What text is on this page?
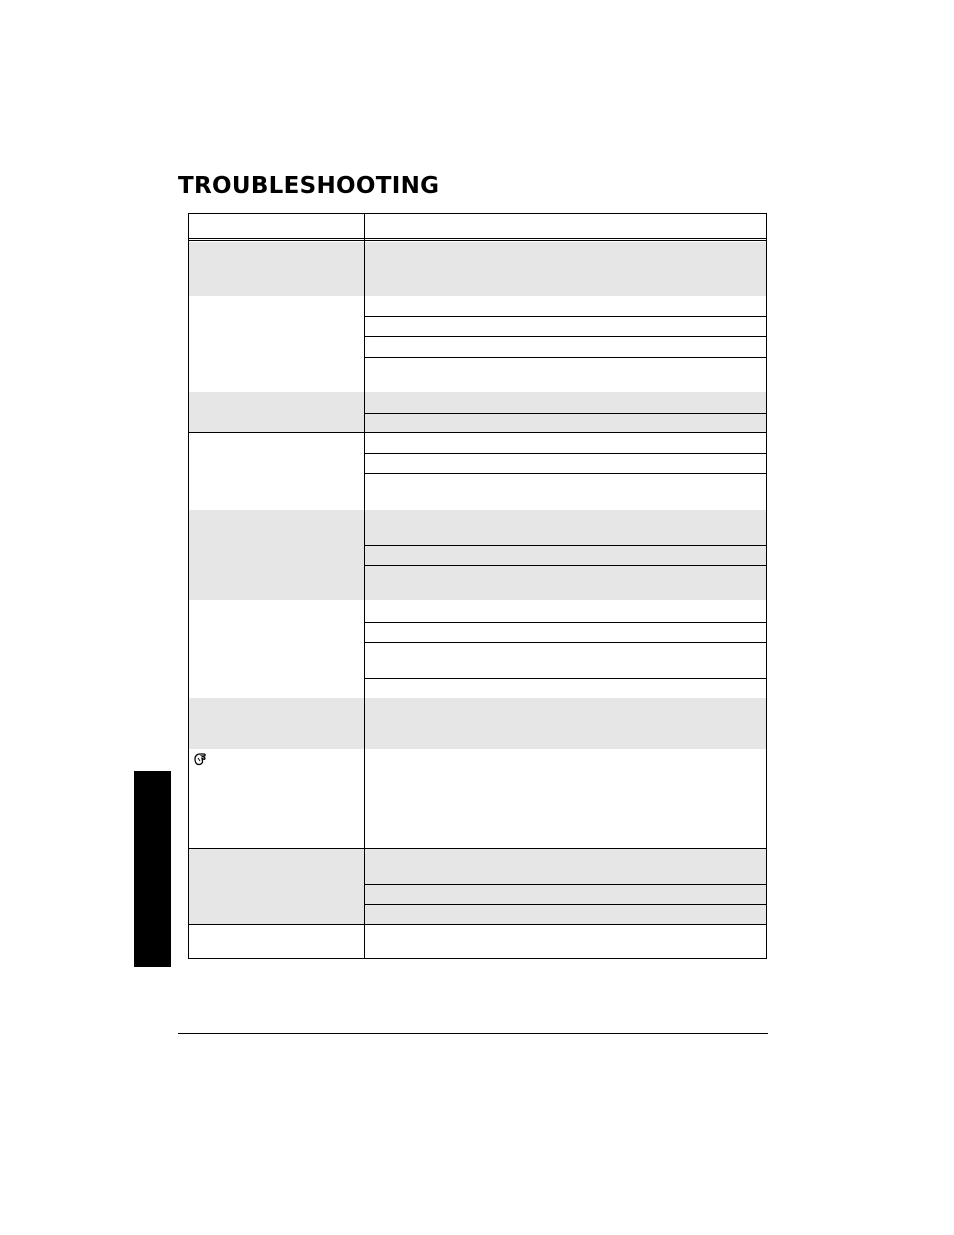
TROUBLESHOOTING
Problem	Suggestion
